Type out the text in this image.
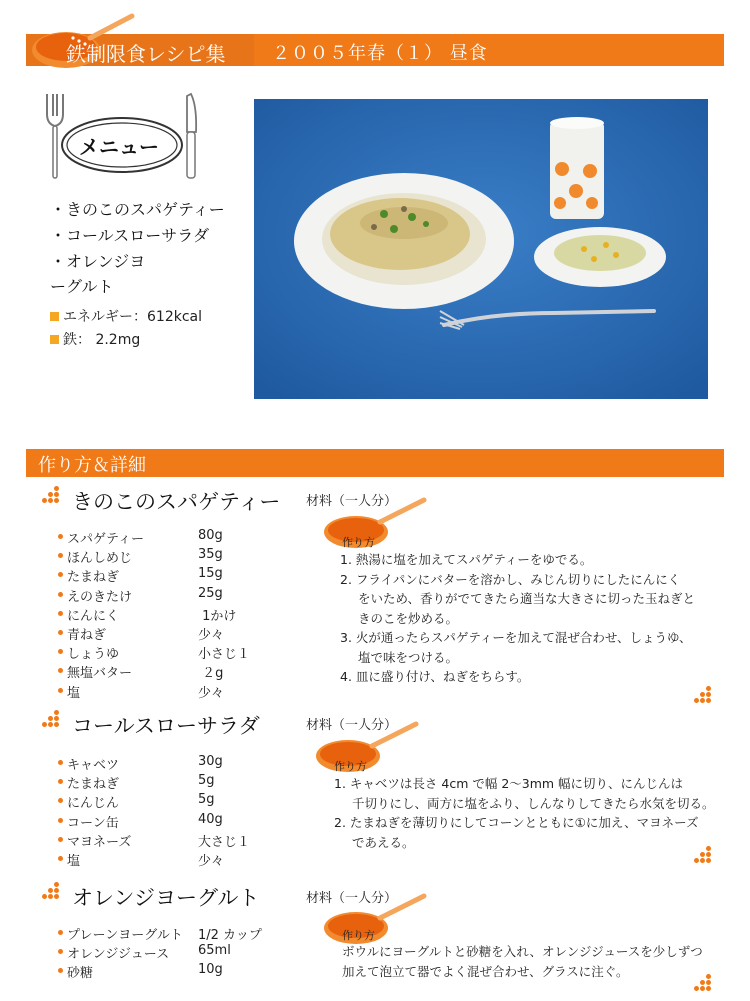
鉄制限食レシピ集	２００５年春（１） 昼食
メニュー
・きのこのスパゲティー
・コールスローサラダ
・オレンジヨ
ーグルト
エネルギー：612kcal
鉄： 2.2mg
作り方＆詳細
きのこのスパゲティー 材料（一人分）
作り方
スパゲティー	80g
ほんしめじ	35g
たまねぎ	15g
えのきたけ	25g
にんにく	1かけ
青ねぎ	少々
しょうゆ	小さじ１
無塩バター	２g
塩	少々
1. 熱湯に塩を加えてスパゲティーをゆでる。
2. フライパンにバターを溶かし、みじん切りにしたにんにく
をいため、香りがでてきたら適当な大きさに切った玉ねぎと
きのこを炒める。
3. 火が通ったらスパゲティーを加えて混ぜ合わせ、しょうゆ、
塩で味をつける。
4. 皿に盛り付け、ねぎをちらす。
コールスローサラダ	材料（一人分）
作り方
キャベツ	30g
たまねぎ	5g
にんじん	5g
コーン缶	40g
マヨネーズ	大さじ１
塩	少々
1. キャベツは長さ 4cm で幅 2〜3mm 幅に切り、にんじんは
千切りにし、両方に塩をふり、しんなりしてきたら水気を切る。
2. たまねぎを薄切りにしてコーンとともに①に加え、マヨネーズ
であえる。
オレンジヨーグルト	材料（一人分）
作り方
プレーンヨーグルト 1/2 カップ
オレンジジュース 65ml
砂糖	10g
ボウルにヨーグルトと砂糖を入れ、オレンジジュースを少しずつ
加えて泡立て器でよく混ぜ合わせ、グラスに注ぐ。
